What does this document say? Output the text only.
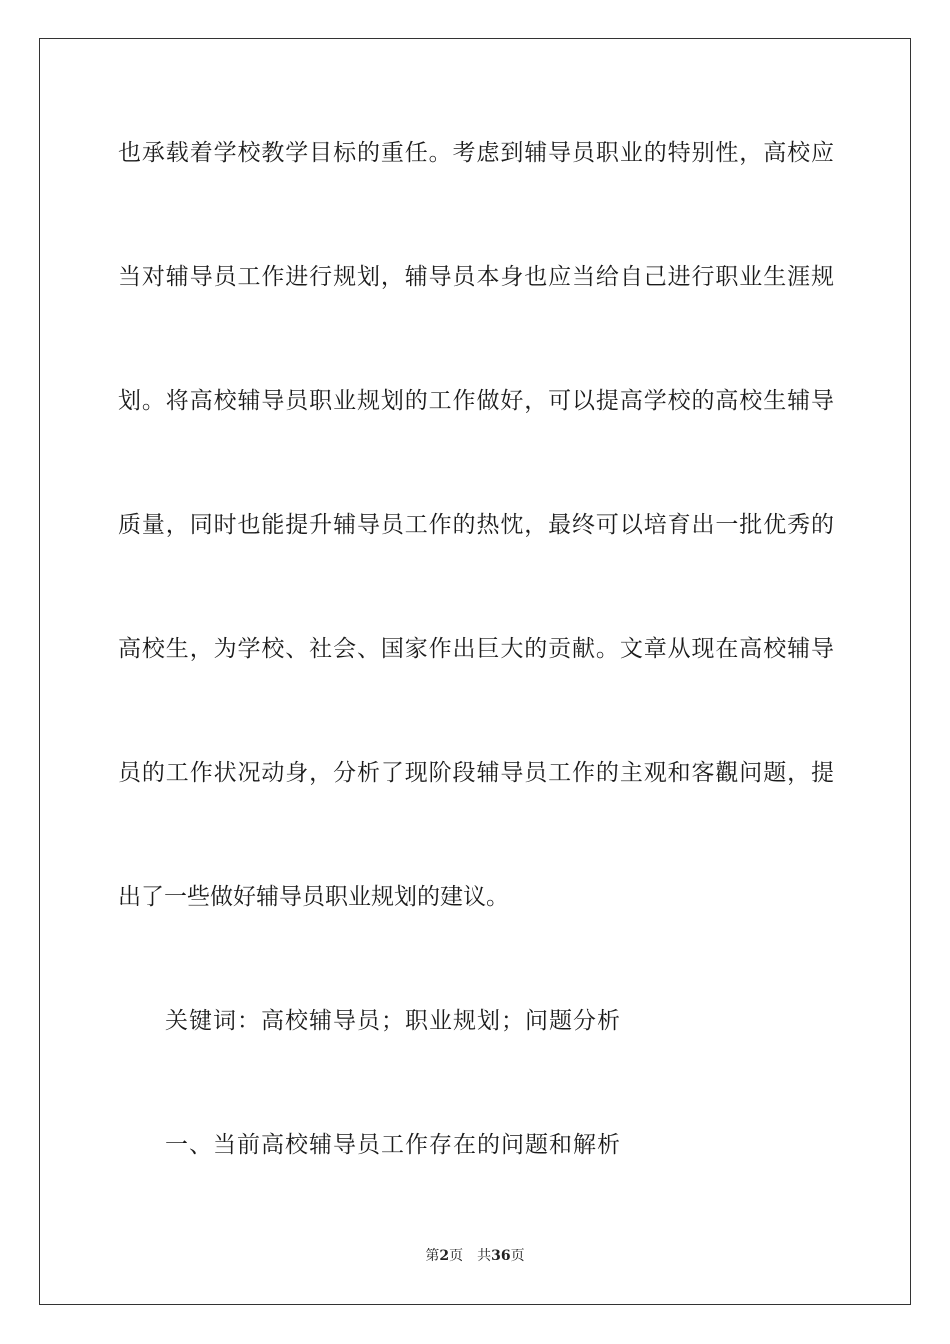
也承载着学校教学目标的重任。考虑到辅导员职业的特别性，高校应
当对辅导员工作进行规划，辅导员本身也应当给自己进行职业生涯规
划。将高校辅导员职业规划的工作做好，可以提高学校的高校生辅导
质量，同时也能提升辅导员工作的热忱，最终可以培育出一批优秀的
高校生，为学校、社会、国家作出巨大的贡献。文章从现在高校辅导
员的工作状况动身，分析了现阶段辅导员工作的主观和客觀问题，提
出了一些做好辅导员职业规划的建议。
关键词：高校辅导员；职业规划；问题分析
一、当前高校辅导员工作存在的问题和解析
第2页 共36页
